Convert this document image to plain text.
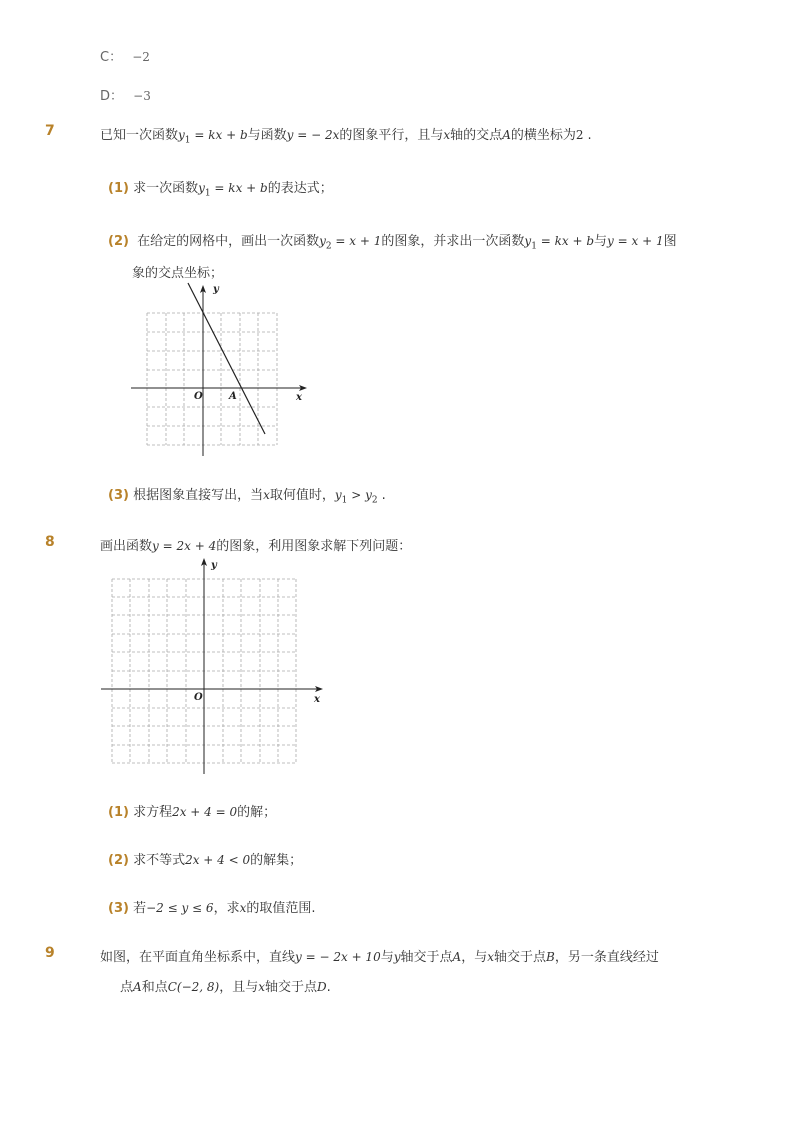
C： −2
D： −3
7	已知一次函数$y_1$ = kx + b与函数y = − 2x的图象平行，且与x轴的交点A的横坐标为2 .
(1) 求一次函数$y_1$ = kx + b的表达式；
(2) 在给定的网格中，画出一次函数$y_2 = x + 1$的图象，并求出一次函数$y_1$ = kx + b与y = x + 1图
象的交点坐标；
y
x
O	A
(3) 根据图象直接写出，当x取何值时，$y_1 > y_2$ .
8	画出函数y = 2x + 4的图象，利用图象求解下列问题：
y
x
O
(1) 求方程2x + 4 = 0的解；
(2) 求不等式2x + 4 < 0的解集；
(3) 若−2 ≤ y ≤ 6，求x的取值范围.
9	如图，在平面直角坐标系中，直线y = − 2x + 10与y轴交于点A，与x轴交于点B，另一条直线经过
点A和点C(−2, 8)，且与x轴交于点D.
